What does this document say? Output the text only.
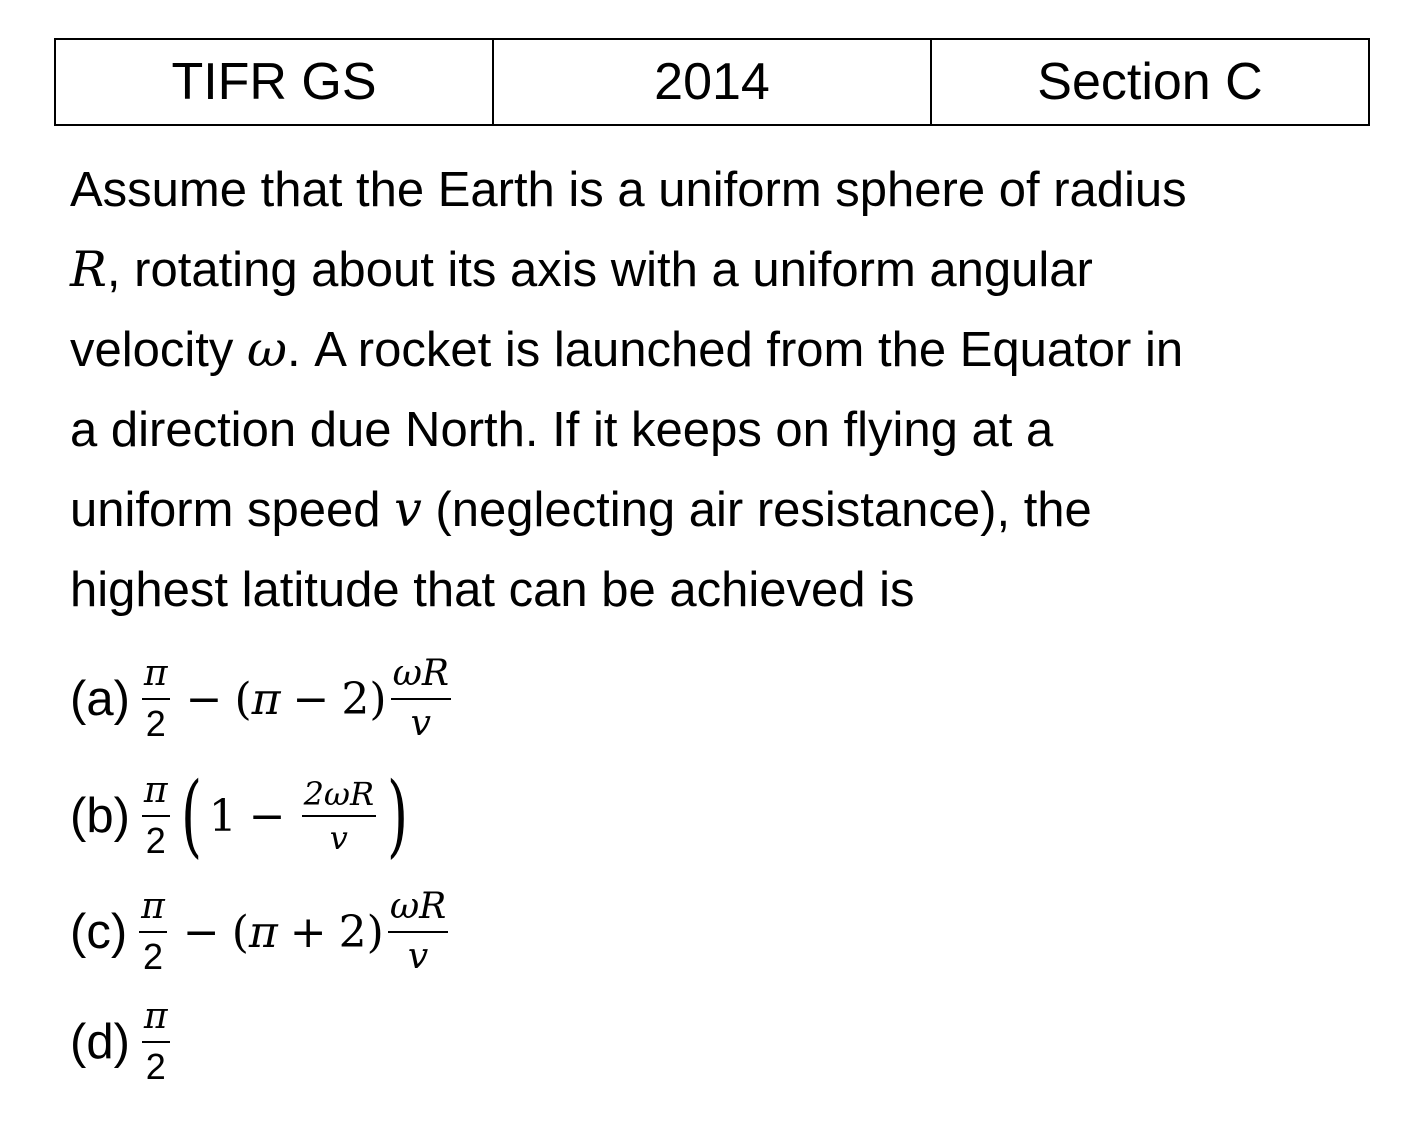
TIFR GS	2014	Section C
Assume that the Earth is a uniform sphere of radius
R, rotating about its axis with a uniform angular
velocity ω. A rocket is launched from the Equator in
a direction due North. If it keeps on flying at a
uniform speed v (neglecting air resistance), the
highest latitude that can be achieved is
$(a) \frac{\pi}{2}$ − ( π − 2 ) $\frac{\omega R}{v}$
$(b) \frac{\pi}{2}$ ( $1 - \frac{2\omega R}{v}$ )
$(c) \frac{\pi}{2}$ − ( π + 2 ) $\frac{\omega R}{v}$
$(d) \frac{\pi}{2}$
